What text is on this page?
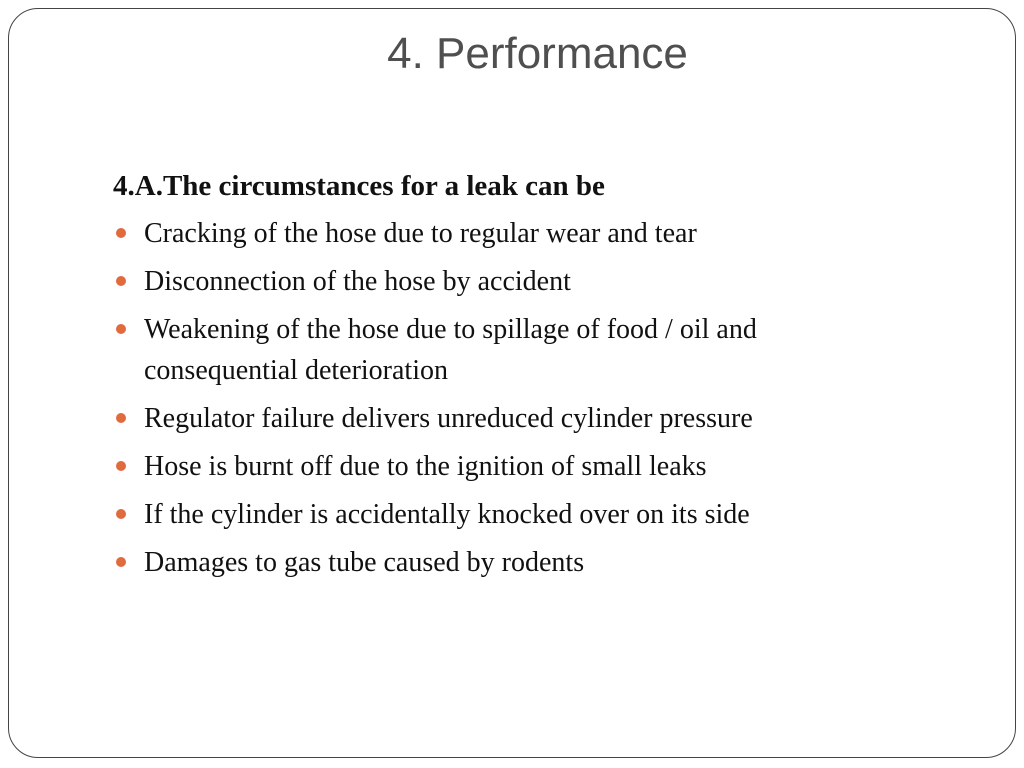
4. Performance
4.A.The circumstances for a leak can be
Cracking of the hose due to regular wear and tear
Disconnection of the hose by accident
Weakening of the hose due to spillage of food / oil and consequential deterioration
Regulator failure delivers unreduced cylinder pressure
Hose is burnt off due to the ignition of small leaks
If the cylinder is accidentally knocked over on its side
Damages to gas tube caused by rodents
